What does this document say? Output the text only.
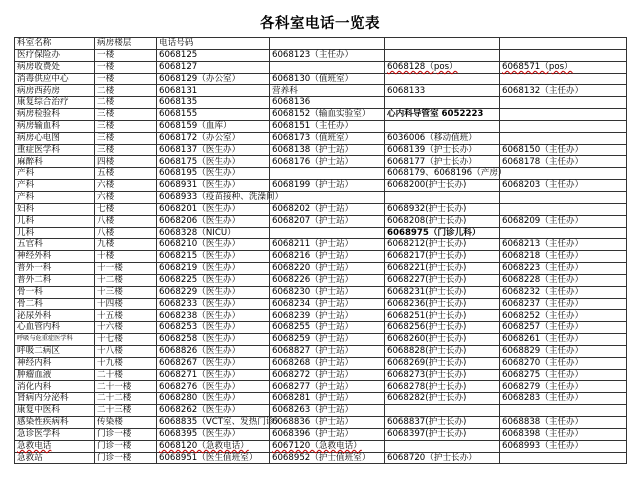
各科室电话一览表
科室名称	病房楼层	电话号码			
医疗保险办	一楼	6068125	6068123（主任办）		
病房收费处	一楼	6068127		6068128（pos）	6068571（pos）
消毒供应中心	一楼	6068129（办公室）	6068130（值班室）		
病房西药房	二楼	6068131	营养科	6068133	6068132（主任办）
康复综合治疗	二楼	6068135	6068136		
病房检验科	三楼	6068155	6068152（输血实验室）	心内科导管室 6052223	
病房输血科	三楼	6068159（血库）	6068151（主任办）		
病房心电图	三楼	6068172（办公室）	6068173（值班室）	6036006（移动值班）	
重症医学科	三楼	6068137（医生办）	6068138（护士站）	6068139（护士长办）	6068150（主任办）
麻醉科	四楼	6068175（医生办）	6068176（护士站）	6068177（护士长办）	6068178（主任办）
产科	五楼	6068195（医生办）		6068179、6068196（产房）	
产科	六楼	6068931（医生办）	6068199（护士站）	6068200(护士长办)	6068203（主任办）
产科	六楼	6068933（疫苗接种、洗澡间）			
妇科	七楼	6068201（医生办）	6068202（护士站）	6068932(护士长办)	
儿科	八楼	6068206（医生办）	6068207（护士站）	6068208(护士长办)	6068209（主任办）
儿科	八楼	6068328（NICU）		6068975（门诊儿科）	
五官科	九楼	6068210（医生办）	6068211（护士站）	6068212(护士长办)	6068213（主任办）
神经外科	十楼	6068215（医生办）	6068216（护士站）	6068217(护士长办)	6068218（主任办）
普外一科	十一楼	6068219（医生办）	6068220（护士站）	6068221(护士长办)	6068223（主任办）
普外二科	十二楼	6068225（医生办）	6068226（护士站）	6068227(护士长办)	6068228（主任办）
骨一科	十三楼	6068229（医生办）	6068230（护士站）	6068231(护士长办)	6068232（主任办）
骨二科	十四楼	6068233（医生办）	6068234（护士站）	6068236(护士长办)	6068237（主任办）
泌尿外科	十五楼	6068238（医生办）	6068239（护士站）	6068251(护士长办)	6068252（主任办）
心血管内科	十六楼	6068253（医生办）	6068255（护士站）	6068256(护士长办)	6068257（主任办）
呼吸与危重症医学科	十七楼	6068258（医生办）	6068259（护士站）	6068260(护士长办)	6068261（主任办）
呼吸二病区	十八楼	6068826（医生办）	6068827（护士站）	6068828(护士长办)	6068829（主任办）
神经内科	十九楼	6068267（医生办）	6068268（护士站）	6068269(护士长办)	6068270（主任办）
肿瘤血液	二十楼	6068271（医生办）	6068272（护士站）	6068273(护士长办)	6068275（主任办）
消化内科	二十一楼	6068276（医生办）	6068277（护士站）	6068278(护士长办)	6068279（主任办）
肾病内分泌科	二十二楼	6068280（医生办）	6068281（护士站）	6068282(护士长办)	6068283（主任办）
康复中医科	二十三楼	6068262（医生办）	6068263（护士站）		
感染性疾病科	传染楼	6068835（VCT室、发热门诊）	6068836（护士站）	6068837(护士长办)	6068838（主任办）
急诊医学科	门诊一楼	6068395（医生办）	6068396（护士站）	6068397(护士长办)	6068398（主任办）
急救电话	门诊一楼	6068120（急救电话）	6067120（急救电话）		6068993（主任办）
急救站	门诊一楼	6068951（医生值班室）	6068952（护士值班室）	6068720（护士长办）	
